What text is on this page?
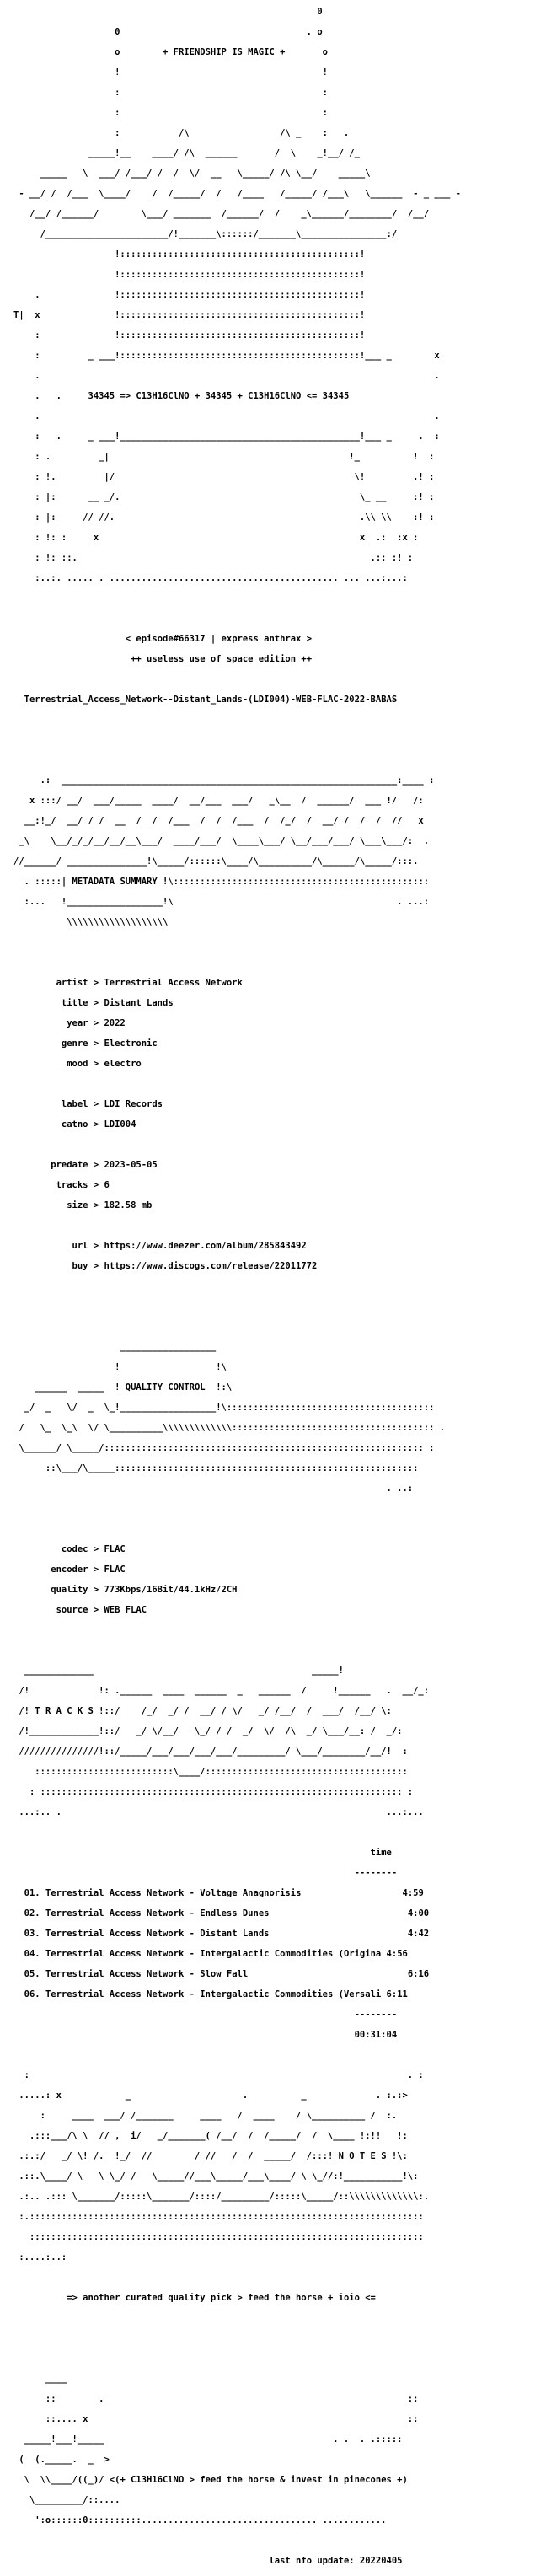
0

0                                   . o

o        + FRIENDSHIP IS MAGIC +       o

!                                      !

:                                      :

:                                      :

:           /\                 /\ _    :   .

_____!__    ____/ /\  ______       /  \    _!__/ /_

_____   \  ___/ /___/ /  /  \/  __   \_____/ /\ \__/    _____\

- __/ /  /___  \____/    /  /_____/  /   /____   /_____/ /___\   \______  - _ ___ -

/__/ /______/        \___/ _______  /______/  /    _\______/________/  /__/

/_______________________/!_______\::::::/_______\________________:/

!:::::::::::::::::::::::::::::::::::::::::::::!

!:::::::::::::::::::::::::::::::::::::::::::::!

.              !:::::::::::::::::::::::::::::::::::::::::::::!

T|  x              !:::::::::::::::::::::::::::::::::::::::::::::!

:              !:::::::::::::::::::::::::::::::::::::::::::::!

:         _ ___!:::::::::::::::::::::::::::::::::::::::::::::!___ _        x

.                                                                          .

.   .     34345 => C13H16ClNO + 34345 + C13H16ClNO <= 34345

.                                                                          .

:   .     _ ___!_____________________________________________!___ _     .  :

: .         _|                                             !_          !  :

: !.         |/                                             \!         .! :

: |:      __ _/.                                             \_ __     :! :

: |:     // //.                                              .\\ \\    :! :

: !: :     x                                                 x  .:  :x :

: !: ::.                                                       .:: :! :

:..:. ..... . ........................................... ... ...:...:

< episode#66317 | express anthrax >

++ useless use of space edition ++

Terrestrial_Access_Network--Distant_Lands-(LDI004)-WEB-FLAC-2022-BABAS

.:  _______________________________________________________________:____ :

x :::/ __/  ___/_____  ____/  __/___  ___/   _\__  /  ______/  ___ !/   /:

__:!_/  __/ / /  __  /  /  /___  /  /  /___  /  /_/  /  __/ /  /  /  //   x

_\    \__/_/_/__/__/__\___/  ____/___/  \____\___/ \__/___/___/ \___\___/:  .

//______/ _______________!\_____/::::::\____/\__________/\______/\_____/:::.

. :::::| METADATA SUMMARY !\::::::::::::::::::::::::::::::::::::::::::::::::

:...   !__________________!\                                          . ...:

\\\\\\\\\\\\\\\\\\\

artist > Terrestrial Access Network

title > Distant Lands

year > 2022

genre > Electronic

mood > electro

label > LDI Records

catno > LDI004

predate > 2023-05-05

tracks > 6

size > 182.58 mb

url > https://www.deezer.com/album/285843492

buy > https://www.discogs.com/release/22011772

__________________

!                  !\

______  _____  ! QUALITY CONTROL  !:\

_/  _   \/  _  \_!__________________!\:::::::::::::::::::::::::::::::::::::::

/   \_  \_\  \/ \__________\\\\\\\\\\\\\:::::::::::::::::::::::::::::::::::::: .

\______/ \_____/:::::::::::::::::::::::::::::::::::::::::::::::::::::::::::: :

::\___/\_____:::::::::::::::::::::::::::::::::::::::::::::::::::::::::

. ..:

codec > FLAC

encoder > FLAC

quality > 773Kbps/16Bit/44.1kHz/2CH

source > WEB FLAC

_____________                                         _____!

/!             !: .______  ____  ______  _   ______  /     !______   .  __/_:

/! T R A C K S !::/    /_/  _/ /  __/ / \/   _/ /__/  /  ___/  /__/ \:

/!_____________!::/   _/ \/__/   \_/ / /  _/  \/  /\  _/ \___/__: /  _/:

///////////////!::/_____/___/___/___/___/_________/ \___/________/__/!  :

::::::::::::::::::::::::::\____/::::::::::::::::::::::::::::::::::::::

: :::::::::::::::::::::::::::::::::::::::::::::::::::::::::::::::::::: :

...:.. .                                                             ...:...

time

--------

01. Terrestrial Access Network - Voltage Anagnorisis	4:59

02. Terrestrial Access Network - Endless Dunes	4:00

03. Terrestrial Access Network - Distant Lands	4:42

04. Terrestrial Access Network - Intergalactic Commodities (Origina 4:56

05. Terrestrial Access Network - Slow Fall	6:16

06. Terrestrial Access Network - Intergalactic Commodities (Versali 6:11

--------

00:31:04

:                                                                       . :

.....: x            _                     .          _             . :.:>

:     ____  ___/ /_______     ____   /  ____    / \__________ /  :.

.:::___/\ \  // ,  i/   _/_______( /__/  /  /_____/  /  \____ !:!!   !:

.:.:/   _/ \! /.  !_/  //        / //   /  /  _____/  /:::! N O T E S !\:

.::.\____/ \   \ \_/ /   \_____//___\_____/___\____/ \ \_//:!___________!\:

.:.. .::: \_______/:::::\_______/::::/_________/:::::\_____/::\\\\\\\\\\\\\:.

:.::::::::::::::::::::::::::::::::::::::::::::::::::::::::::::::::::::::::::

::::::::::::::::::::::::::::::::::::::::::::::::::::::::::::::::::::::::::

:....:..:

=> another curated quality pick > feed the horse + ioio <=

____

::        .                                                         ::

::.... x                                                            ::

_____!___!_____                                           . .  . .:::::

(  (._____.  _  >

\  \\____/((_)/ <(+ C13H16ClNO > feed the horse & invest in pinecones +)

\_________/::....

':o::::::0::::::::::................................. ............

last nfo update: 20220405
